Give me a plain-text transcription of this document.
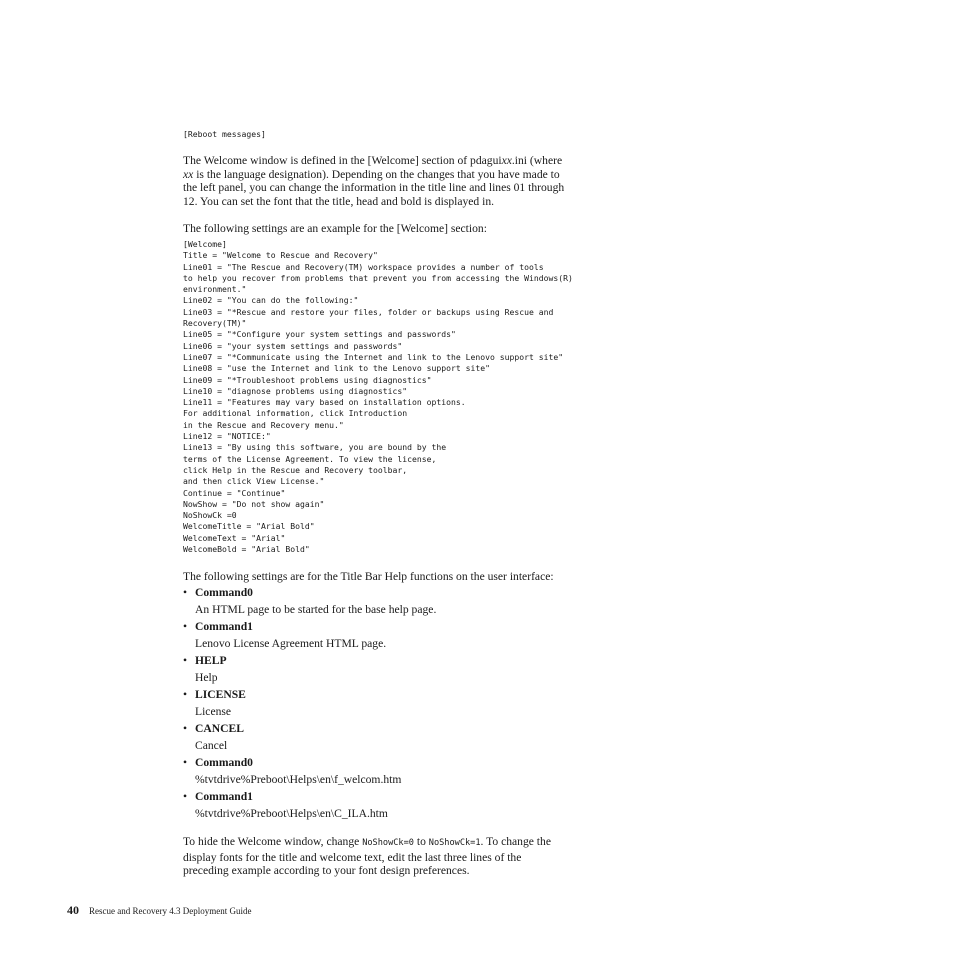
[Reboot messages]
The Welcome window is defined in the [Welcome] section of pdaguixx.ini (where
xx is the language designation). Depending on the changes that you have made to
the left panel, you can change the information in the title line and lines 01 through
12. You can set the font that the title, head and bold is displayed in.
The following settings are an example for the [Welcome] section:
[Welcome]
Title = "Welcome to Rescue and Recovery"
Line01 = "The Rescue and Recovery(TM) workspace provides a number of tools
to help you recover from problems that prevent you from accessing the Windows(R)
environment."
Line02 = "You can do the following:"
Line03 = "*Rescue and restore your files, folder or backups using Rescue and
Recovery(TM)"
Line05 = "*Configure your system settings and passwords"
Line06 = "your system settings and passwords"
Line07 = "*Communicate using the Internet and link to the Lenovo support site"
Line08 = "use the Internet and link to the Lenovo support site"
Line09 = "*Troubleshoot problems using diagnostics"
Line10 = "diagnose problems using diagnostics"
Line11 = "Features may vary based on installation options.
For additional information, click Introduction
in the Rescue and Recovery menu."
Line12 = "NOTICE:"
Line13 = "By using this software, you are bound by the
terms of the License Agreement. To view the license,
click Help in the Rescue and Recovery toolbar,
and then click View License."
Continue = "Continue"
NowShow = "Do not show again"
NoShowCk =0
WelcomeTitle = "Arial Bold"
WelcomeText = "Arial"
WelcomeBold = "Arial Bold"
The following settings are for the Title Bar Help functions on the user interface:
• Command0
An HTML page to be started for the base help page.
• Command1
Lenovo License Agreement HTML page.
• HELP
Help
• LICENSE
License
• CANCEL
Cancel
• Command0
%tvtdrive%Preboot\Helps\en\f_welcom.htm
• Command1
%tvtdrive%Preboot\Helps\en\C_ILA.htm
To hide the Welcome window, change NoShowCk=0 to NoShowCk=1. To change the
display fonts for the title and welcome text, edit the last three lines of the
preceding example according to your font design preferences.
40 Rescue and Recovery 4.3 Deployment Guide
